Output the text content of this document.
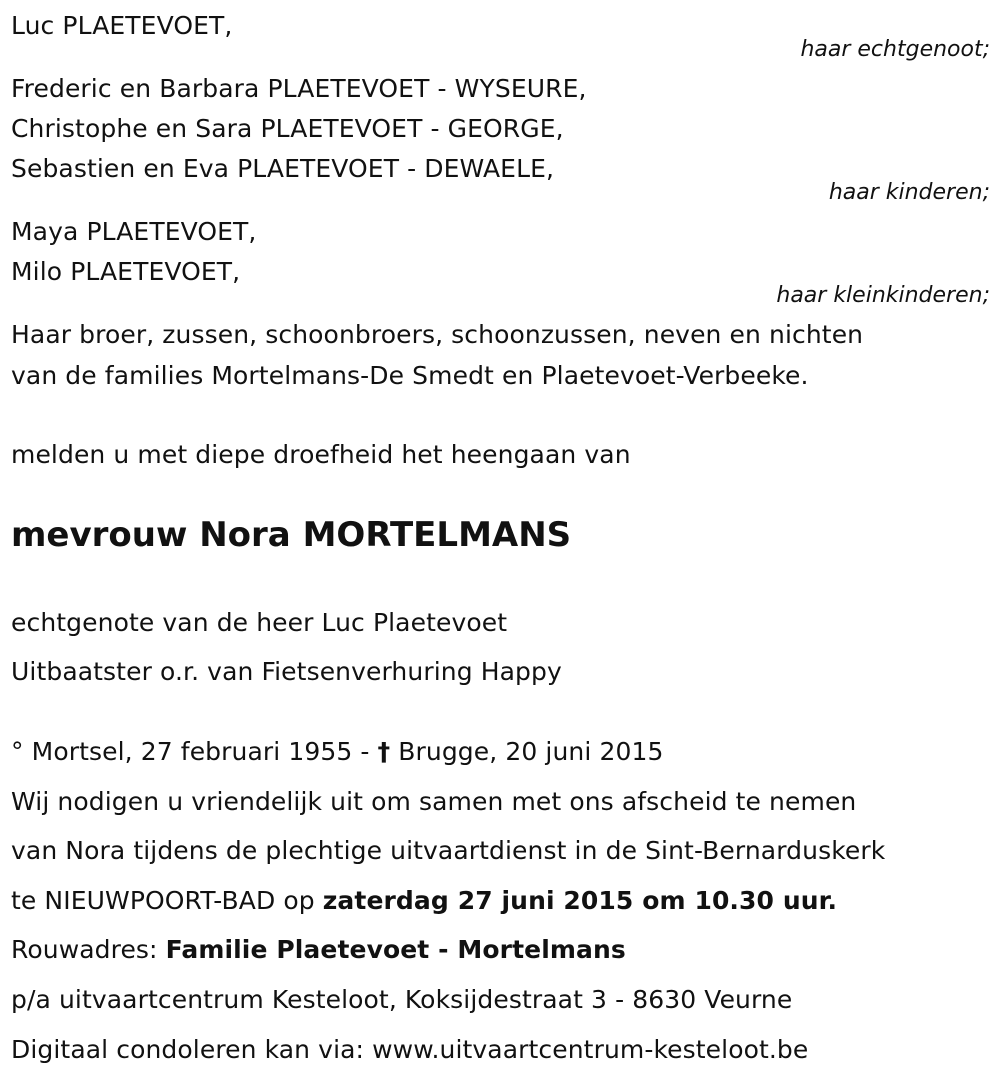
Luc PLAETEVOET,
haar echtgenoot;
Frederic en Barbara PLAETEVOET - WYSEURE,
Christophe en Sara PLAETEVOET - GEORGE,
Sebastien en Eva PLAETEVOET - DEWAELE,
haar kinderen;
Maya PLAETEVOET,
Milo PLAETEVOET,
haar kleinkinderen;
Haar broer, zussen, schoonbroers, schoonzussen, neven en nichten
van de families Mortelmans-De Smedt en Plaetevoet-Verbeeke.
melden u met diepe droefheid het heengaan van
mevrouw Nora MORTELMANS
echtgenote van de heer Luc Plaetevoet
Uitbaatster o.r. van Fietsenverhuring Happy
° Mortsel, 27 februari 1955 - † Brugge, 20 juni 2015
Wij nodigen u vriendelijk uit om samen met ons afscheid te nemen
van Nora tijdens de plechtige uitvaartdienst in de Sint-Bernarduskerk
te NIEUWPOORT-BAD op zaterdag 27 juni 2015 om 10.30 uur.
Rouwadres: Familie Plaetevoet - Mortelmans
p/a uitvaartcentrum Kesteloot, Koksijdestraat 3 - 8630 Veurne
Digitaal condoleren kan via: www.uitvaartcentrum-kesteloot.be
